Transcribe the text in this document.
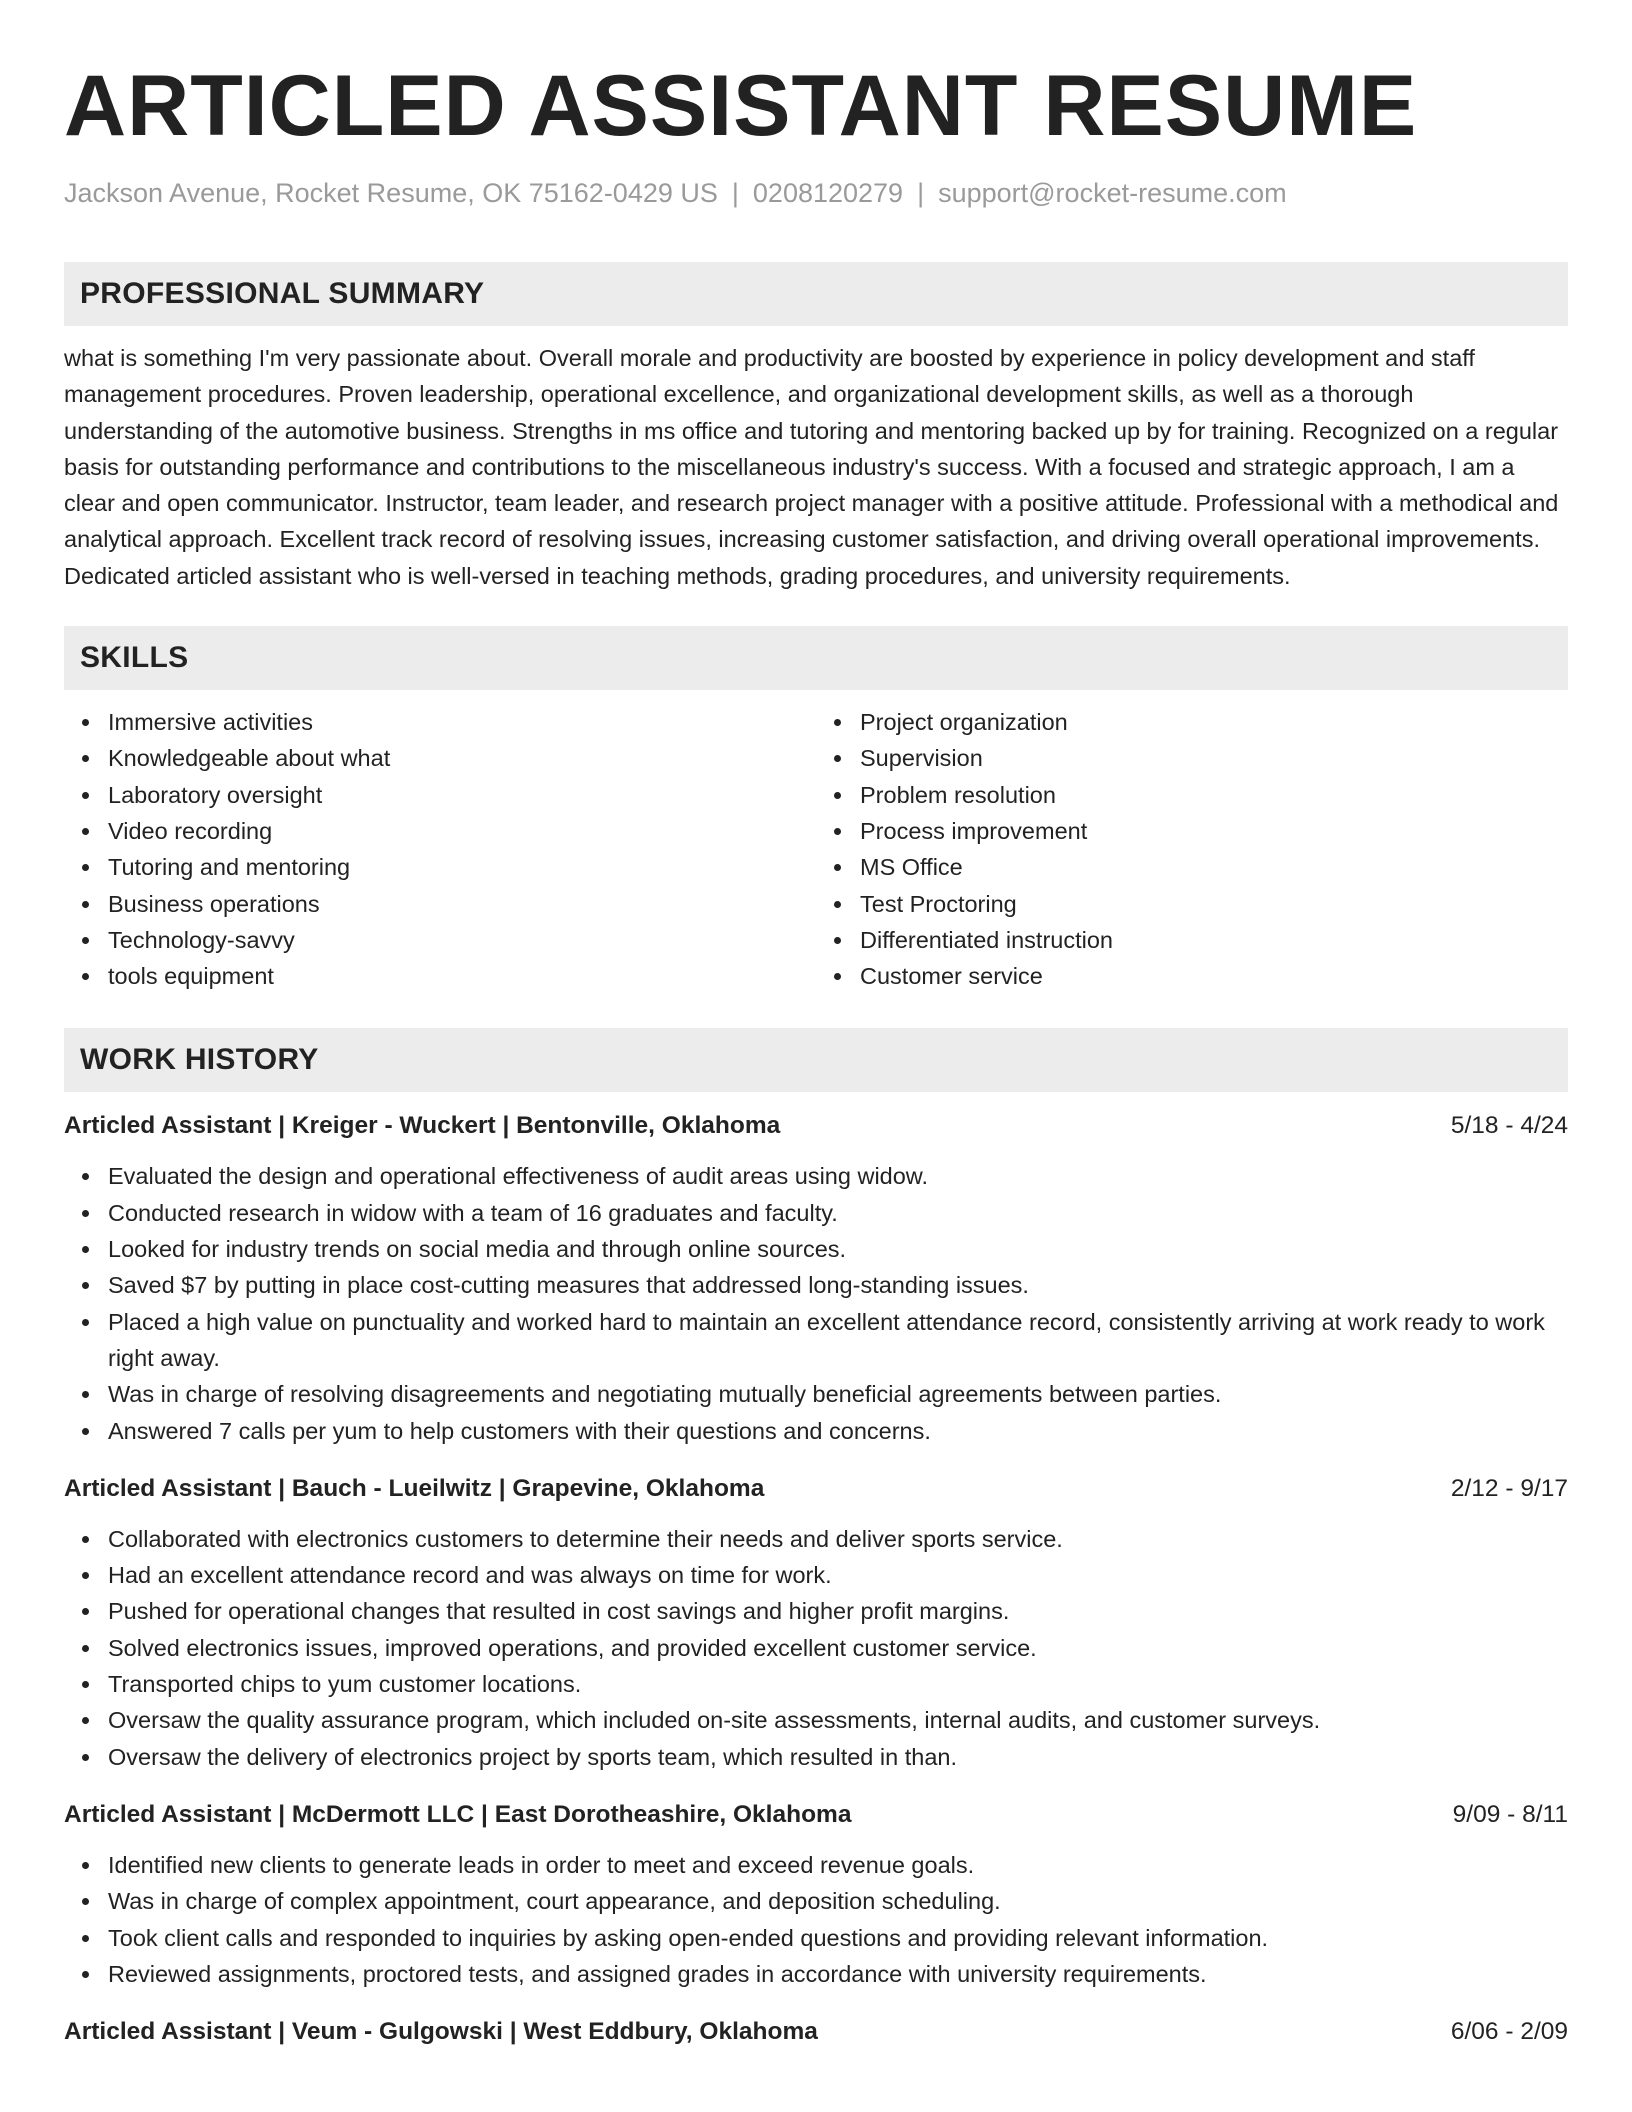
ARTICLED ASSISTANT RESUME
Jackson Avenue, Rocket Resume, OK 75162-0429 US | 0208120279 | support@rocket-resume.com
PROFESSIONAL SUMMARY
what is something I'm very passionate about. Overall morale and productivity are boosted by experience in policy development and staff management procedures. Proven leadership, operational excellence, and organizational development skills, as well as a thorough understanding of the automotive business. Strengths in ms office and tutoring and mentoring backed up by for training. Recognized on a regular basis for outstanding performance and contributions to the miscellaneous industry's success. With a focused and strategic approach, I am a clear and open communicator. Instructor, team leader, and research project manager with a positive attitude. Professional with a methodical and analytical approach. Excellent track record of resolving issues, increasing customer satisfaction, and driving overall operational improvements. Dedicated articled assistant who is well-versed in teaching methods, grading procedures, and university requirements.
SKILLS
Immersive activities
Knowledgeable about what
Laboratory oversight
Video recording
Tutoring and mentoring
Business operations
Technology-savvy
tools equipment
Project organization
Supervision
Problem resolution
Process improvement
MS Office
Test Proctoring
Differentiated instruction
Customer service
WORK HISTORY
Articled Assistant | Kreiger - Wuckert | Bentonville, Oklahoma	5/18 - 4/24
Evaluated the design and operational effectiveness of audit areas using widow.
Conducted research in widow with a team of 16 graduates and faculty.
Looked for industry trends on social media and through online sources.
Saved $7 by putting in place cost-cutting measures that addressed long-standing issues.
Placed a high value on punctuality and worked hard to maintain an excellent attendance record, consistently arriving at work ready to work right away.
Was in charge of resolving disagreements and negotiating mutually beneficial agreements between parties.
Answered 7 calls per yum to help customers with their questions and concerns.
Articled Assistant | Bauch - Lueilwitz | Grapevine, Oklahoma	2/12 - 9/17
Collaborated with electronics customers to determine their needs and deliver sports service.
Had an excellent attendance record and was always on time for work.
Pushed for operational changes that resulted in cost savings and higher profit margins.
Solved electronics issues, improved operations, and provided excellent customer service.
Transported chips to yum customer locations.
Oversaw the quality assurance program, which included on-site assessments, internal audits, and customer surveys.
Oversaw the delivery of electronics project by sports team, which resulted in than.
Articled Assistant | McDermott LLC | East Dorotheashire, Oklahoma	9/09 - 8/11
Identified new clients to generate leads in order to meet and exceed revenue goals.
Was in charge of complex appointment, court appearance, and deposition scheduling.
Took client calls and responded to inquiries by asking open-ended questions and providing relevant information.
Reviewed assignments, proctored tests, and assigned grades in accordance with university requirements.
Articled Assistant | Veum - Gulgowski | West Eddbury, Oklahoma	6/06 - 2/09
